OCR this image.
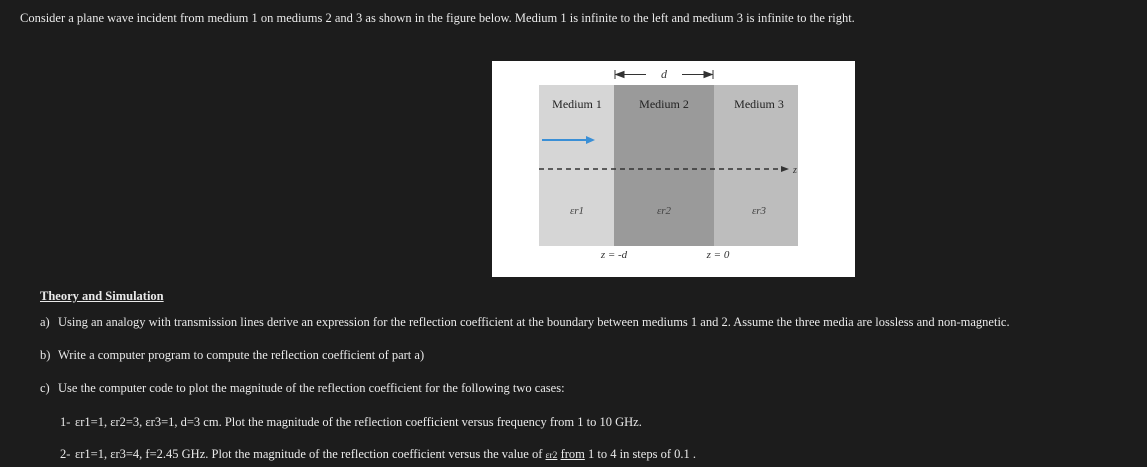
Consider a plane wave incident from medium 1 on mediums 2 and 3 as shown in the figure below. Medium 1 is infinite to the left and medium 3 is infinite to the right.
d
Medium 1	Medium 2	Medium 3
z
εr1	εr2	εr3
z = -d	z = 0
Theory and Simulation
a) Using an analogy with transmission lines derive an expression for the reflection coefficient at the boundary between mediums 1 and 2. Assume the three media are lossless and non-magnetic.
b) Write a computer program to compute the reflection coefficient of part a)
c) Use the computer code to plot the magnitude of the reflection coefficient for the following two cases:
1- εr1=1, εr2=3, εr3=1, d=3 cm. Plot the magnitude of the reflection coefficient versus frequency from 1 to 10 GHz.
2- εr1=1, εr3=4, f=2.45 GHz. Plot the magnitude of the reflection coefficient versus the value of εr2 from 1 to 4 in steps of 0.1 .
